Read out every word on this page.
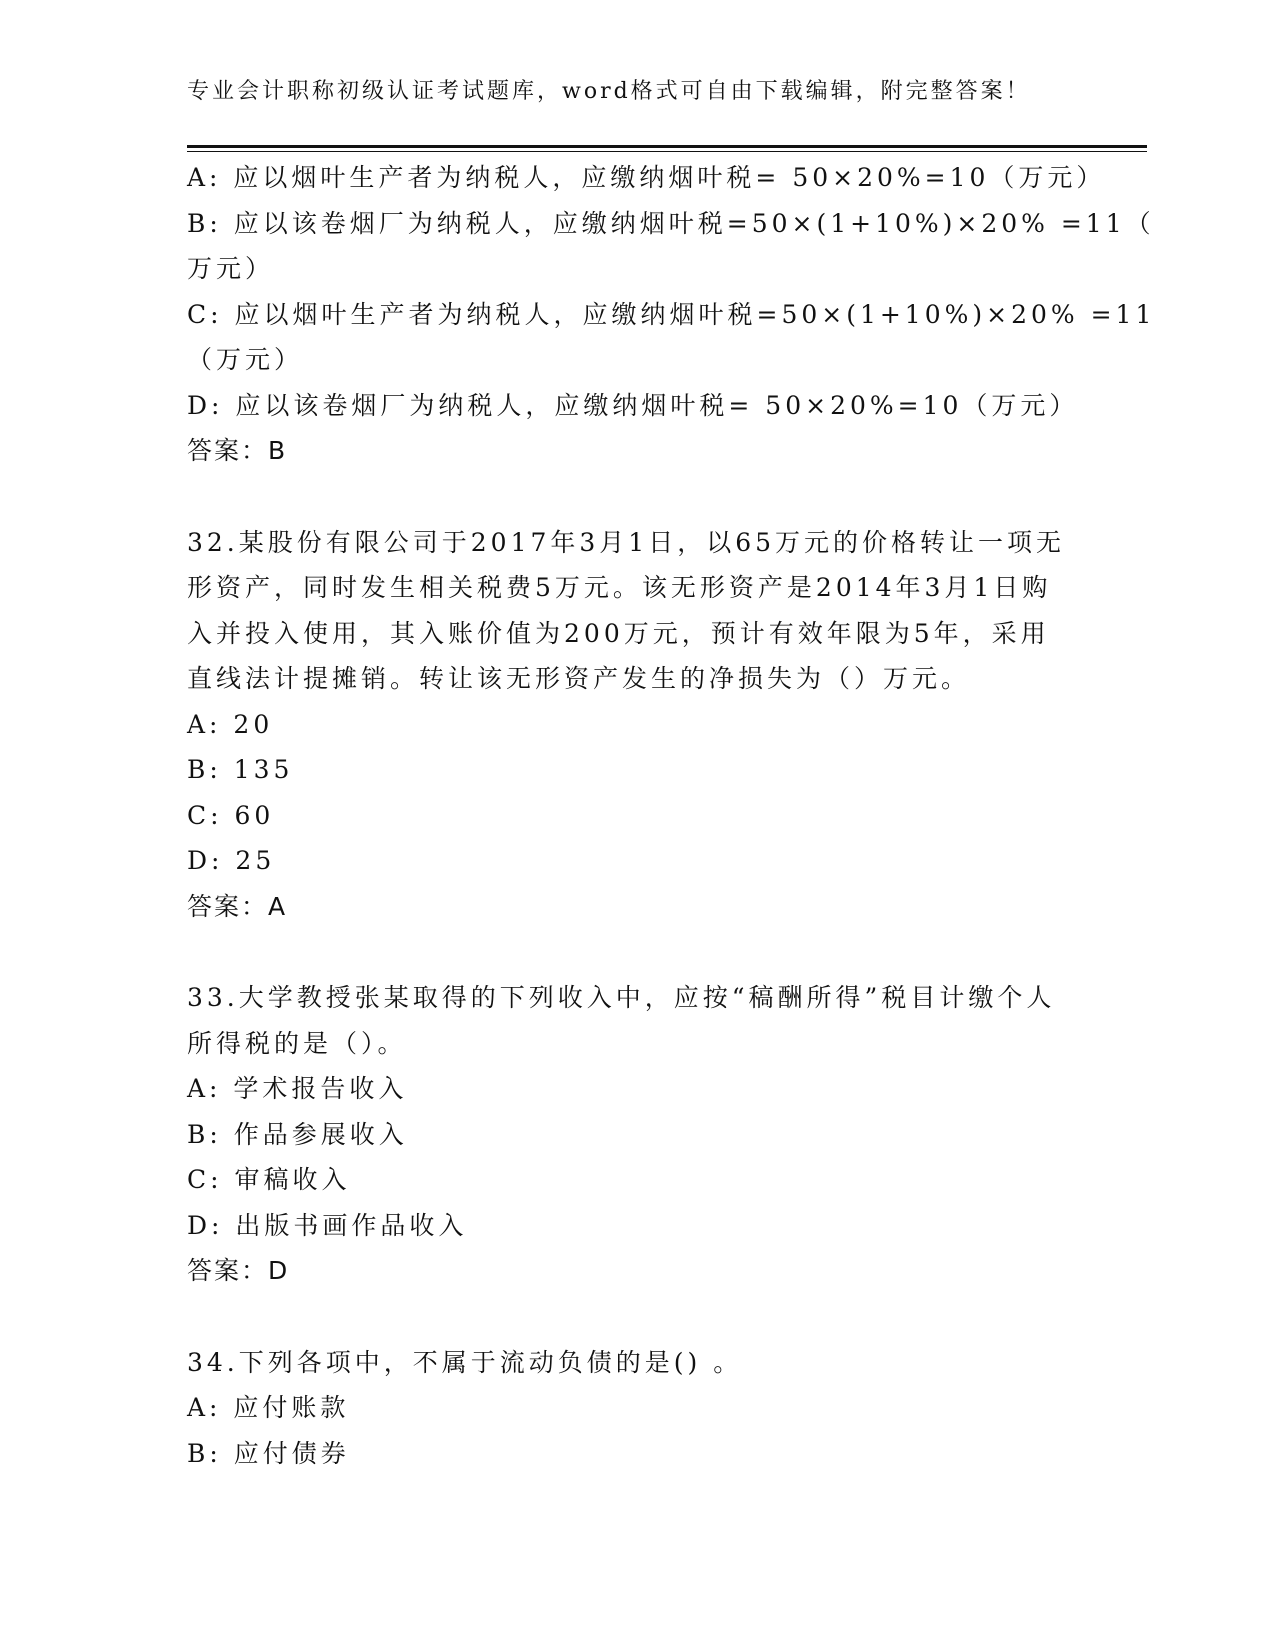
专业会计职称初级认证考试题库，word格式可自由下载编辑，附完整答案！
A: 应以烟叶生产者为纳税人，应缴纳烟叶税= 50×20%=10（万元）
B: 应以该卷烟厂为纳税人，应缴纳烟叶税=50×(1+10%)×20% =11（
万元）
C: 应以烟叶生产者为纳税人，应缴纳烟叶税=50×(1+10%)×20% =11
（万元）
D: 应以该卷烟厂为纳税人，应缴纳烟叶税= 50×20%=10（万元）
答案：B
32.某股份有限公司于2017年3月1日，以65万元的价格转让一项无
形资产，同时发生相关税费5万元。该无形资产是2014年3月1日购
入并投入使用，其入账价值为200万元，预计有效年限为5年，采用
直线法计提摊销。转让该无形资产发生的净损失为（）万元。
A: 20
B: 135
C: 60
D: 25
答案：A
33.大学教授张某取得的下列收入中，应按“稿酬所得”税目计缴个人
所得税的是（）。
A: 学术报告收入
B: 作品参展收入
C: 审稿收入
D: 出版书画作品收入
答案：D
34.下列各项中，不属于流动负债的是() 。
A: 应付账款
B: 应付债券
